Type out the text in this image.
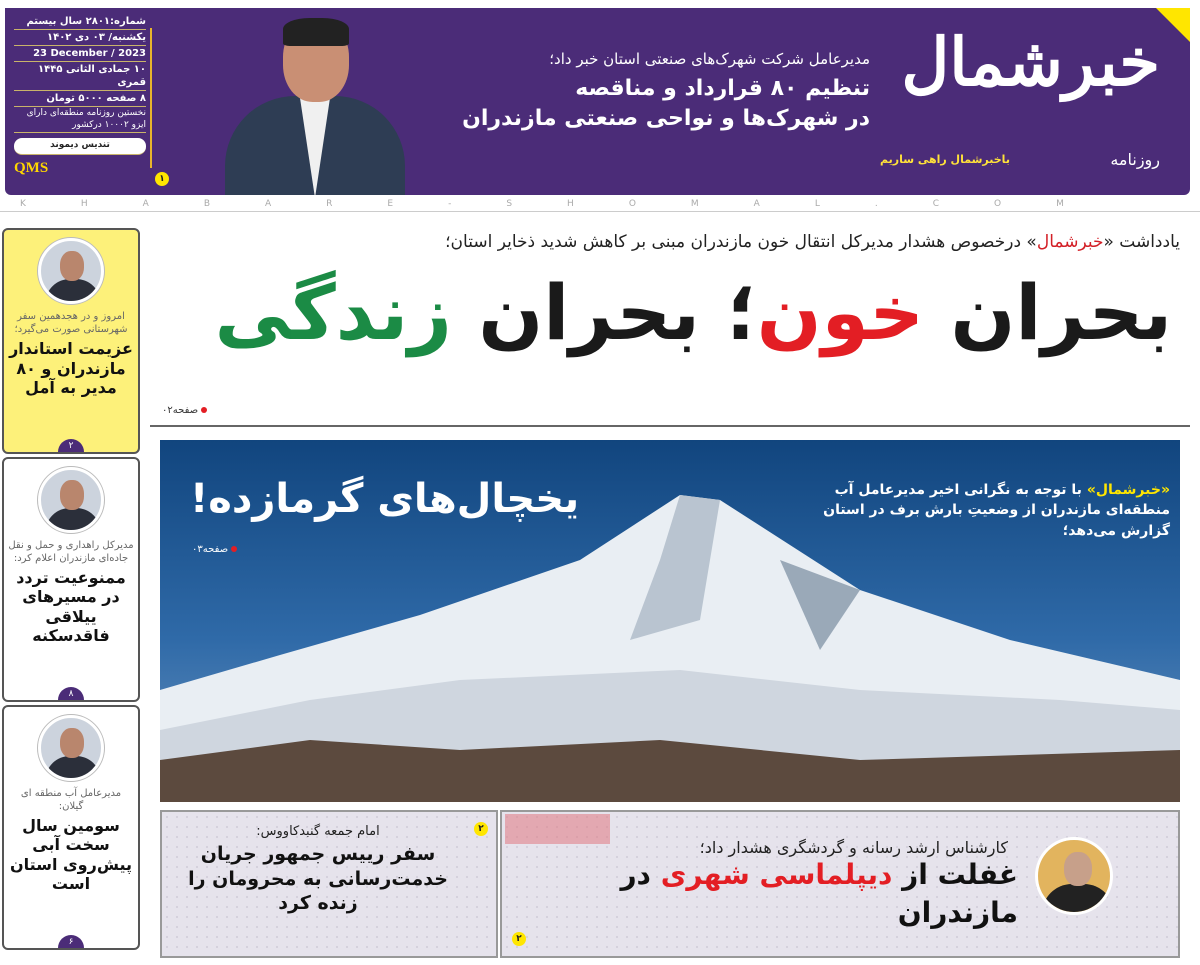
خبرشمال
روزنامه
باخبرشمال راهی ساریم
مدیرعامل شرکت شهرک‌های صنعتی استان خبر داد؛
تنظیم ۸۰ قرارداد و مناقصه
در شهرک‌ها و نواحی صنعتی مازندران
۱
شماره:۲۸۰۱ سال بیستم
یکشنبه/ ۰۳ دی ۱۴۰۲
23 December / 2023
۱۰ جمادی الثانی ۱۴۴۵ قمری
۸ صفحه ۵۰۰۰ تومان
نخستین روزنامه منطقه‌ای دارای ایزو ۱۰۰۰۲ درکشور
تندیس دیموند
QMS
KHABARE-SHOMAL.COM
امروز و در هجدهمین سفر شهرستانی صورت می‌گیرد؛
عزیمت استاندار مازندران و ۸۰ مدیر به آمل
۲
مدیرکل راهداری و حمل و نقل جاده‌ای مازندران اعلام کرد:
ممنوعیت تردد در مسیرهای ییلاقی فاقدسکنه
۸
مدیرعامل آب منطقه ای گیلان:
سومین سال سخت آبی پیش‌روی استان است
۶
یادداشت «خبرشمال» درخصوص هشدار مدیرکل انتقال خون مازندران مبنی بر کاهش شدید ذخایر استان؛
بحران خون؛ بحران زندگی
صفحه۰۲
یخچال‌های گرمازده!
صفحه۰۳
«خبرشمال» با توجه به نگرانی اخیر مدیرعامل آب منطقه‌ای مازندران از وضعیتِ بارش برف در استان گزارش می‌دهد؛
امام جمعه گنبدکاووس:
سفر رییس جمهور جریان
خدمت‌رسانی به محرومان را زنده کرد
۲
کارشناس ارشد رسانه و گردشگری هشدار داد؛
غفلت از دیپلماسی شهری در مازندران
۲
